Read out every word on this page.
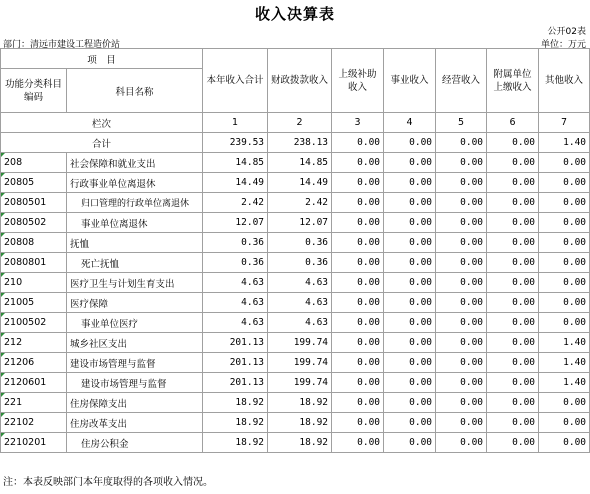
收入决算表
公开02表
部门：清远市建设工程造价站	单位：万元
项　目		本年收入合计	财政拨款收入	上级补助收入	事业收入	经营收入	附属单位上缴收入	其他收入
功能分类科目编码	科目名称							
栏次		1	2	3	4	5	6	7
合计		239.53	238.13	0.00	0.00	0.00	0.00	1.40
208	社会保障和就业支出	14.85	14.85	0.00	0.00	0.00	0.00	0.00
20805	行政事业单位离退休	14.49	14.49	0.00	0.00	0.00	0.00	0.00
2080501	归口管理的行政单位离退休	2.42	2.42	0.00	0.00	0.00	0.00	0.00
2080502	事业单位离退休	12.07	12.07	0.00	0.00	0.00	0.00	0.00
20808	抚恤	0.36	0.36	0.00	0.00	0.00	0.00	0.00
2080801	死亡抚恤	0.36	0.36	0.00	0.00	0.00	0.00	0.00
210	医疗卫生与计划生育支出	4.63	4.63	0.00	0.00	0.00	0.00	0.00
21005	医疗保障	4.63	4.63	0.00	0.00	0.00	0.00	0.00
2100502	事业单位医疗	4.63	4.63	0.00	0.00	0.00	0.00	0.00
212	城乡社区支出	201.13	199.74	0.00	0.00	0.00	0.00	1.40
21206	建设市场管理与监督	201.13	199.74	0.00	0.00	0.00	0.00	1.40
2120601	建设市场管理与监督	201.13	199.74	0.00	0.00	0.00	0.00	1.40
221	住房保障支出	18.92	18.92	0.00	0.00	0.00	0.00	0.00
22102	住房改革支出	18.92	18.92	0.00	0.00	0.00	0.00	0.00
2210201	住房公积金	18.92	18.92	0.00	0.00	0.00	0.00	0.00
注：本表反映部门本年度取得的各项收入情况。
